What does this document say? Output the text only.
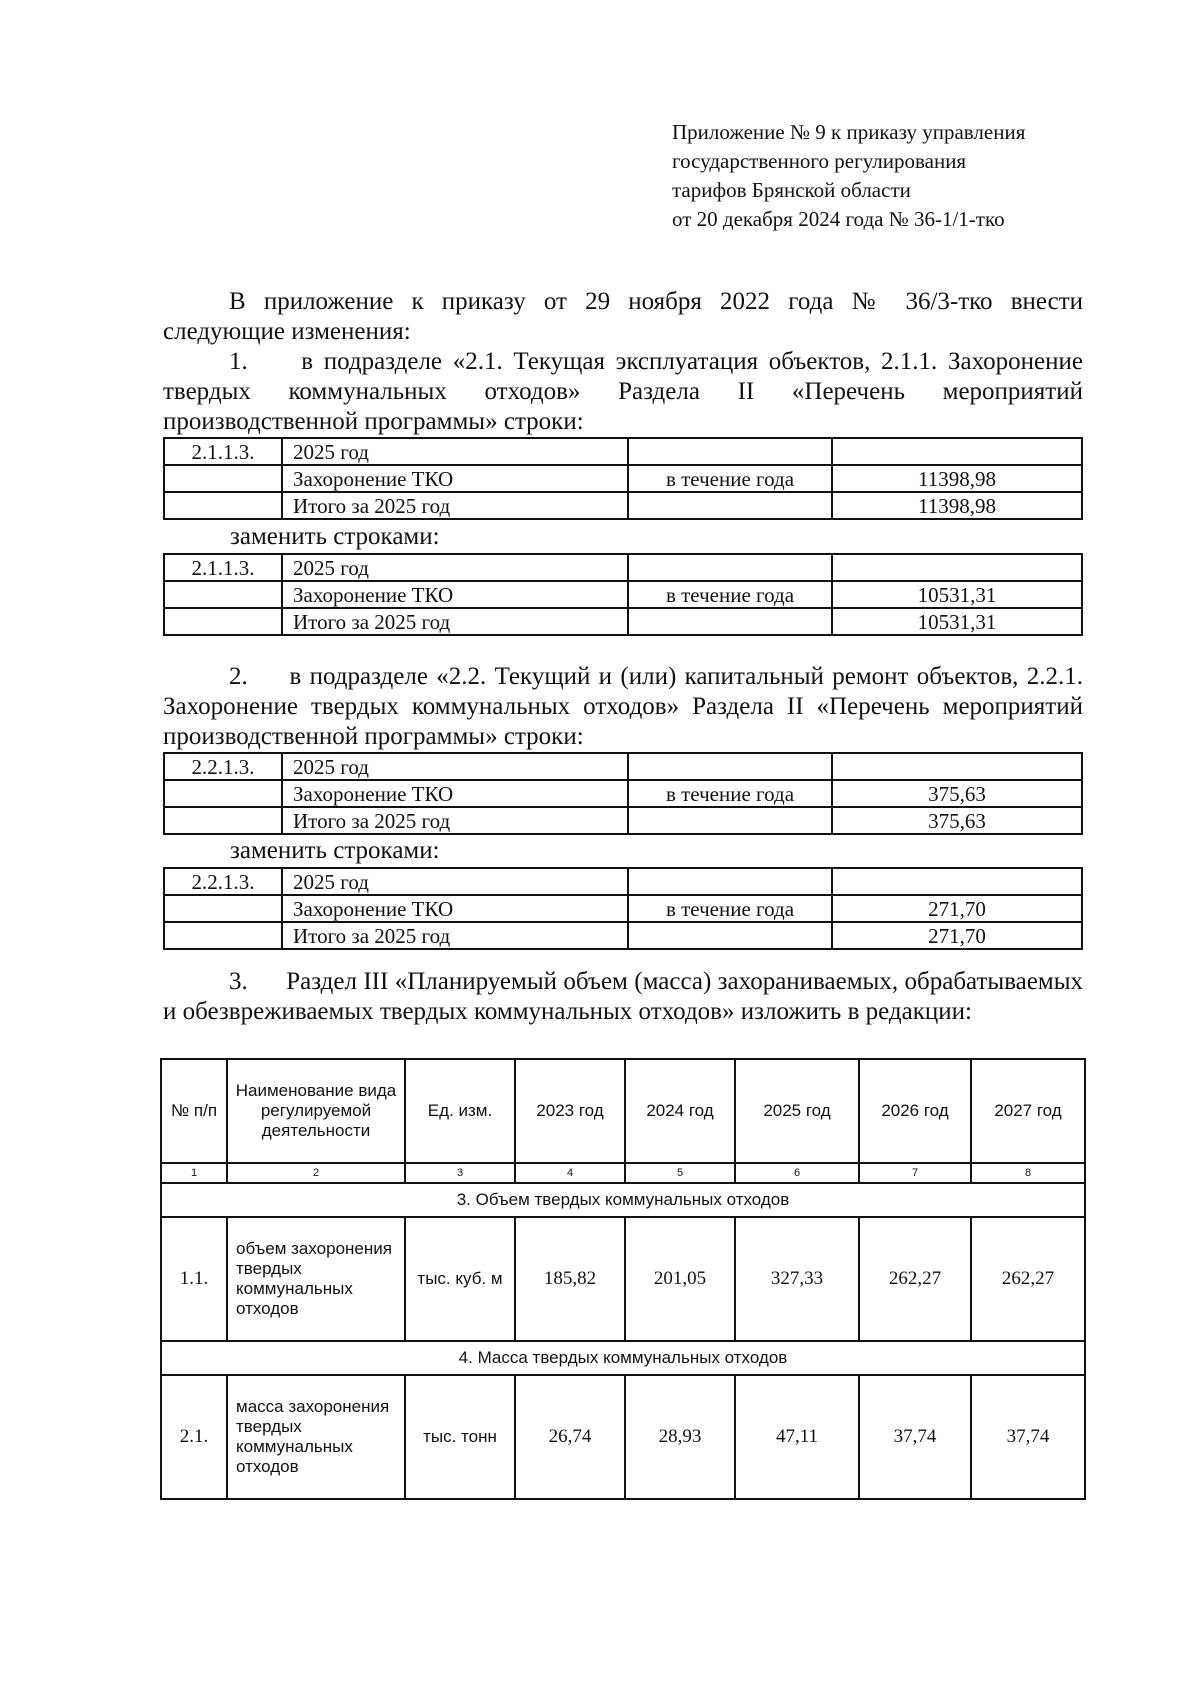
Приложение № 9 к приказу управления
государственного регулирования
тарифов Брянской области
от 20 декабря 2024 года № 36-1/1-тко
В приложение к приказу от 29 ноября 2022 года № 36/3-тко внести
следующие изменения:
1. в подразделе «2.1. Текущая эксплуатация объектов, 2.1.1. Захоронение твердых коммунальных отходов» Раздела II «Перечень мероприятий производственной программы» строки:
2.1.1.3.	2025 год		
	Захоронение ТКО	в течение года	11398,98
	Итого за 2025 год		11398,98
заменить строками:
2.1.1.3.	2025 год		
	Захоронение ТКО	в течение года	10531,31
	Итого за 2025 год		10531,31
2. в подразделе «2.2. Текущий и (или) капитальный ремонт объектов, 2.2.1. Захоронение твердых коммунальных отходов» Раздела II «Перечень мероприятий производственной программы» строки:
2.2.1.3.	2025 год		
	Захоронение ТКО	в течение года	375,63
	Итого за 2025 год		375,63
заменить строками:
2.2.1.3.	2025 год		
	Захоронение ТКО	в течение года	271,70
	Итого за 2025 год		271,70
3. Раздел III «Планируемый объем (масса) захораниваемых, обрабатываемых и обезвреживаемых твердых коммунальных отходов» изложить в редакции:
№ п/п	Наименование вида регулируемой деятельности	Ед. изм.	2023 год	2024 год	2025 год	2026 год	2027 год
1	2	3	4	5	6	7	8
3. Объем твердых коммунальных отходов							
1.1.	объем захоронения твердых коммунальных отходов	тыс. куб. м	185,82	201,05	327,33	262,27	262,27
4. Масса твердых коммунальных отходов							
2.1.	масса захоронения твердых коммунальных отходов	тыс. тонн	26,74	28,93	47,11	37,74	37,74
